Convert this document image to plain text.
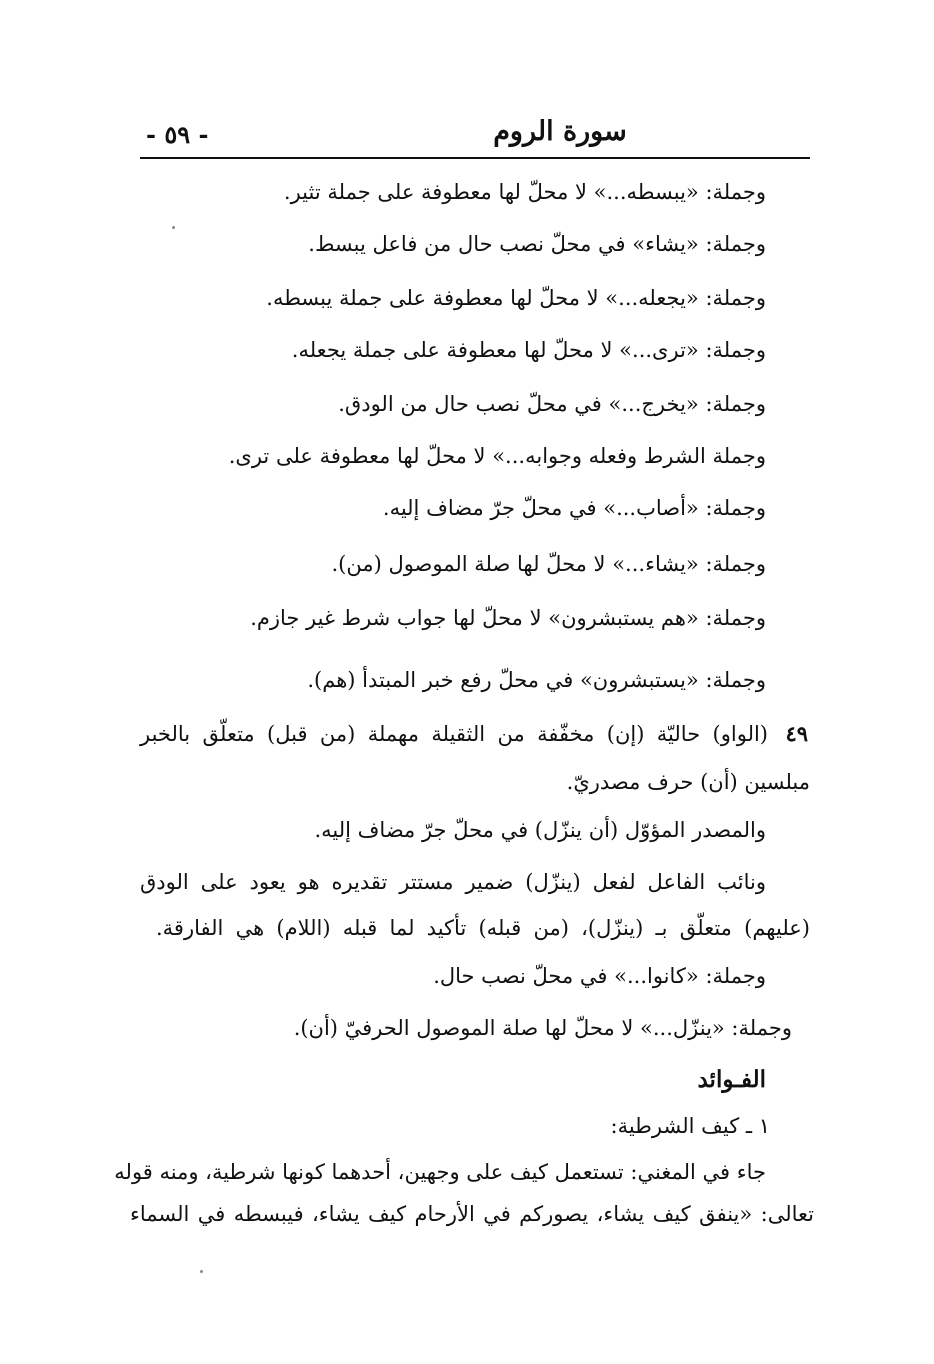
سورة الروم
- ٥٩ -
وجملة: «يبسطه...» لا محلّ لها معطوفة على جملة تثير.
وجملة: «يشاء» في محلّ نصب حال من فاعل يبسط.
وجملة: «يجعله...» لا محلّ لها معطوفة على جملة يبسطه.
وجملة: «ترى...» لا محلّ لها معطوفة على جملة يجعله.
وجملة: «يخرج...» في محلّ نصب حال من الودق.
وجملة الشرط وفعله وجوابه...» لا محلّ لها معطوفة على ترى.
وجملة: «أصاب...» في محلّ جرّ مضاف إليه.
وجملة: «يشاء...» لا محلّ لها صلة الموصول (من).
وجملة: «هم يستبشرون» لا محلّ لها جواب شرط غير جازم.
وجملة: «يستبشرون» في محلّ رفع خبر المبتدأ (هم).
٤٩
(الواو) حاليّة (إن) مخفّفة من الثقيلة مهملة (من قبل) متعلّق بالخبر
مبلسين (أن) حرف مصدريّ.
والمصدر المؤوّل (أن ينزّل) في محلّ جرّ مضاف إليه.
ونائب الفاعل لفعل (ينزّل) ضمير مستتر تقديره هو يعود على الودق
(عليهم) متعلّق بـ (ينزّل)، (من قبله) تأكيد لما قبله (اللام) هي الفارقة.
وجملة: «كانوا...» في محلّ نصب حال.
وجملة: «ينزّل...» لا محلّ لها صلة الموصول الحرفيّ (أن).
الفـوائد
١ ـ كيف الشرطية:
جاء في المغني: تستعمل كيف على وجهين، أحدهما كونها شرطية، ومنه قوله
تعالى: «ينفق كيف يشاء، يصوركم في الأرحام كيف يشاء، فيبسطه في السماء
